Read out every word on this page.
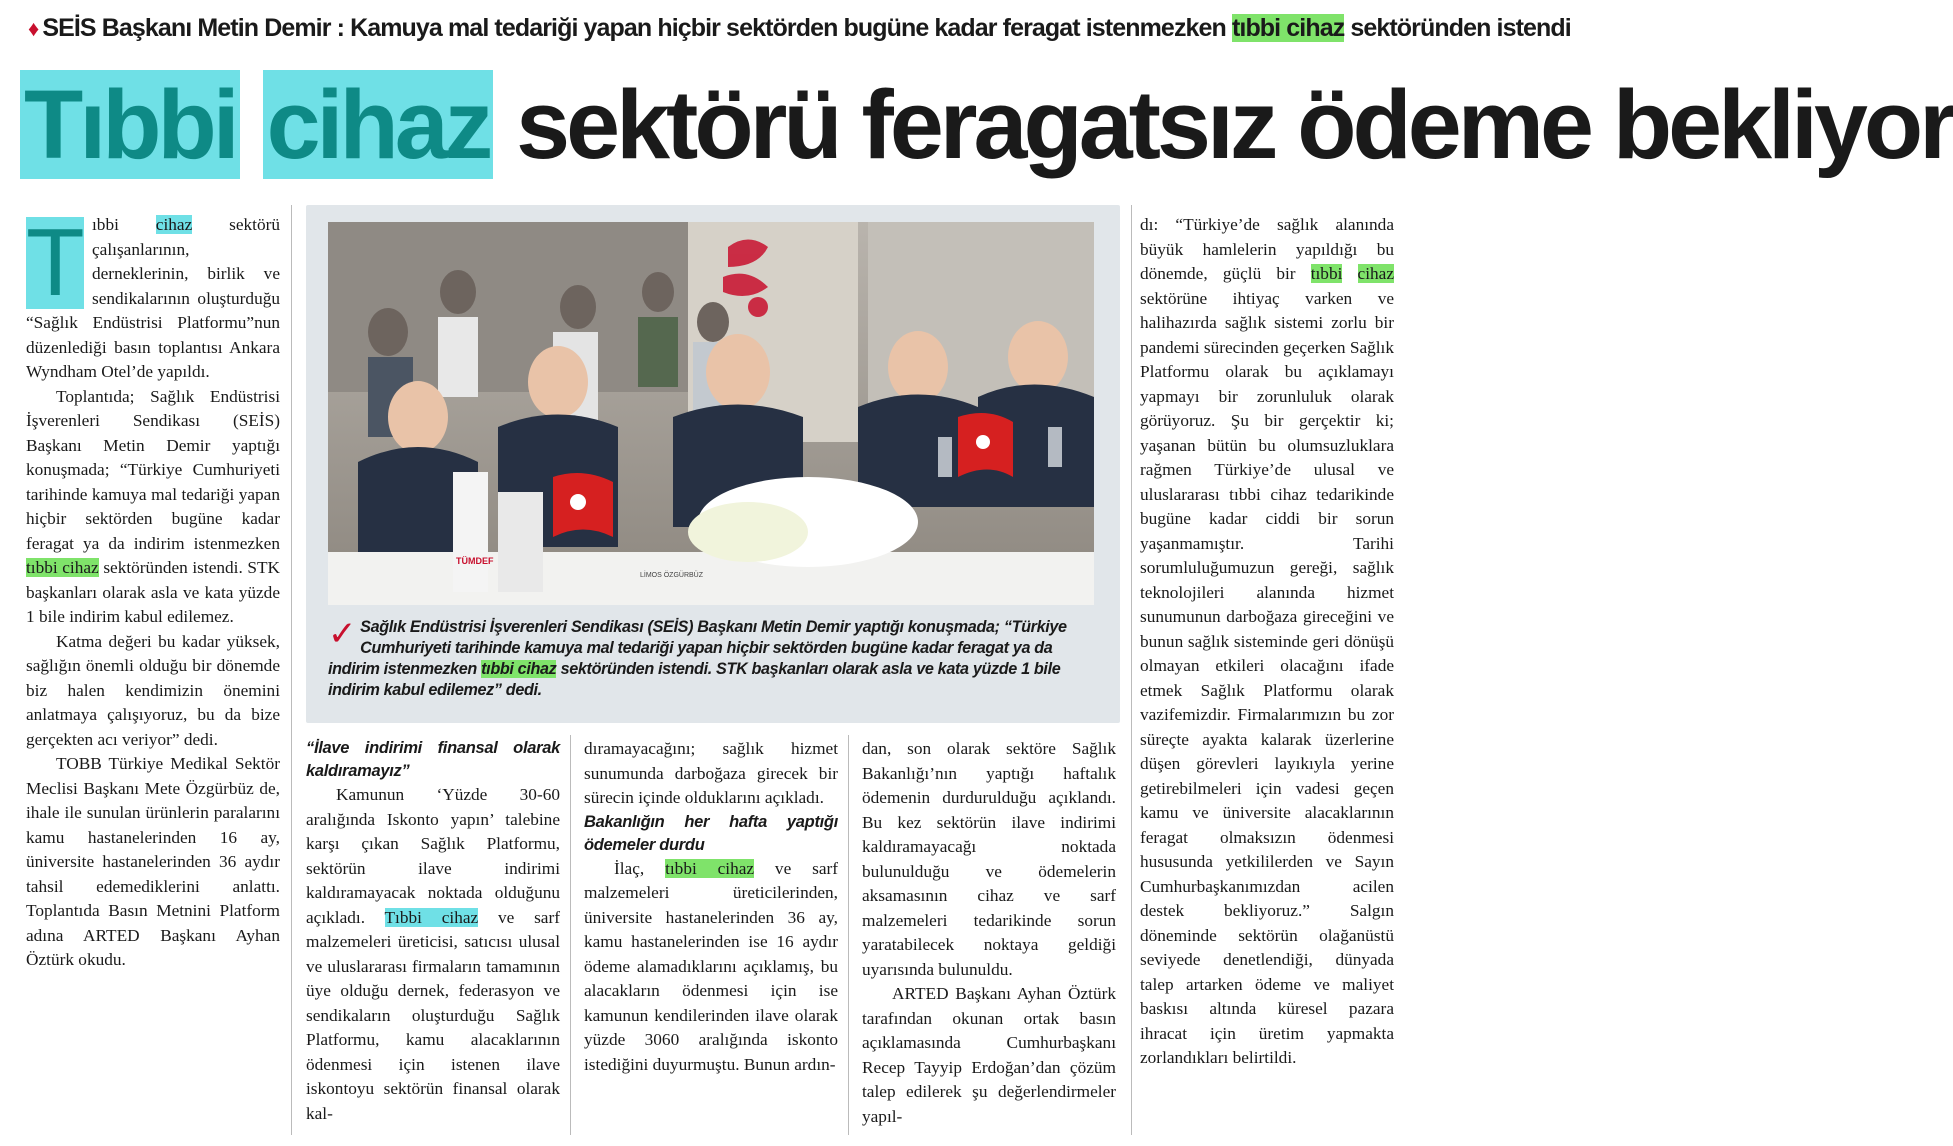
♦ SEİS Başkanı Metin Demir : Kamuya mal tedariği yapan hiçbir sektörden bugüne kadar feragat istenmezken tıbbi cihaz sektöründen istendi
Tıbbi cihaz sektörü feragatsız ödeme bekliyor

T ıbbi cihaz sektörü çalışanlarının, derneklerinin, birlik ve sendikalarının oluşturduğu “Sağlık Endüstrisi Platformu”nun düzenlediği basın toplantısı Ankara Wyndham Otel’de yapıldı.

Toplantıda; Sağlık Endüstrisi İşverenleri Sendikası (SEİS) Başkanı Metin Demir yaptığı konuşmada; “Türkiye Cumhuriyeti tarihinde kamuya mal tedariği yapan hiçbir sektörden bugüne kadar feragat ya da indirim istenmezken tıbbi cihaz sektöründen istendi. STK başkanları olarak asla ve kata yüzde 1 bile indirim kabul edilemez.

Katma değeri bu kadar yüksek, sağlığın önemli olduğu bir dönemde biz halen kendimizin önemini anlatmaya çalışıyoruz, bu da bize gerçekten acı veriyor” dedi.

TOBB Türkiye Medikal Sektör Meclisi Başkanı Mete Özgürbüz de, ihale ile sunulan ürünlerin paralarını kamu hastanelerinden 16 ay, üniversite hastanelerinden 36 aydır tahsil edemediklerini anlattı. Toplantıda Basın Metnini Platform adına ARTED Başkanı Ayhan Öztürk okudu.

TÜMDEF
LİMOS ÖZGÜRBÜZ
✓ Sağlık Endüstrisi İşverenleri Sendikası (SEİS) Başkanı Metin Demir yaptığı konuşmada; “Türkiye Cumhuriyeti tarihinde kamuya mal tedariği yapan hiçbir sektörden bugüne kadar feragat ya da indirim istenmezken tıbbi cihaz sektöründen istendi. STK başkanları olarak asla ve kata yüzde 1 bile indirim kabul edilemez” dedi.
“İlave indirimi finansal olarak kaldıramayız”

Kamunun ‘Yüzde 30-60 aralığında Iskonto yapın’ talebine karşı çıkan Sağlık Platformu, sektörün ilave indirimi kaldıramayacak noktada olduğunu açıkladı. Tıbbi cihaz ve sarf malzemeleri üreticisi, satıcısı ulusal ve uluslararası firmaların tamamının üye olduğu dernek, federasyon ve sendikaların oluşturduğu Sağlık Platformu, kamu alacaklarının ödenmesi için istenen ilave iskontoyu sektörün finansal olarak kal-

dıramayacağını; sağlık hizmet sunumunda darboğaza girecek bir sürecin içinde olduklarını açıkladı.

Bakanlığın her hafta yaptığı ödemeler durdu

İlaç, tıbbi cihaz ve sarf malzemeleri üreticilerinden, üniversite hastanelerinden 36 ay, kamu hastanelerinden ise 16 aydır ödeme alamadıklarını açıklamış, bu alacakların ödenmesi için ise kamunun kendilerinden ilave olarak yüzde 3060 aralığında iskonto istediğini duyurmuştu. Bunun ardın-

dan, son olarak sektöre Sağlık Bakanlığı’nın yaptığı haftalık ödemenin durdurulduğu açıklandı. Bu kez sektörün ilave indirimi kaldıramayacağı noktada bulunulduğu ve ödemelerin aksamasının cihaz ve sarf malzemeleri tedarikinde sorun yaratabilecek noktaya geldiği uyarısında bulunuldu.

ARTED Başkanı Ayhan Öztürk tarafından okunan ortak basın açıklamasında Cumhurbaşkanı Recep Tayyip Erdoğan’dan çözüm talep edilerek şu değerlendirmeler yapıl-

dı: “Türkiye’de sağlık alanında büyük hamlelerin yapıldığı bu dönemde, güçlü bir tıbbi cihaz sektörüne ihtiyaç varken ve halihazırda sağlık sistemi zorlu bir pandemi sürecinden geçerken Sağlık Platformu olarak bu açıklamayı yapmayı bir zorunluluk olarak görüyoruz. Şu bir gerçektir ki; yaşanan bütün bu olumsuzluklara rağmen Türkiye’de ulusal ve uluslararası tıbbi cihaz tedarikinde bugüne kadar ciddi bir sorun yaşanmamıştır. Tarihi sorumluluğumuzun gereği, sağlık teknolojileri alanında hizmet sunumunun darboğaza gireceğini ve bunun sağlık sisteminde geri dönüşü olmayan etkileri olacağını ifade etmek Sağlık Platformu olarak vazifemizdir. Firmalarımızın bu zor süreçte ayakta kalarak üzerlerine düşen görevleri layıkıyla yerine getirebilmeleri için vadesi geçen kamu ve üniversite alacaklarının feragat olmaksızın ödenmesi hususunda yetkililerden ve Sayın Cumhurbaşkanımızdan acilen destek bekliyoruz.” Salgın döneminde sektörün olağanüstü seviyede denetlendiği, dünyada talep artarken ödeme ve maliyet baskısı altında küresel pazara ihracat için üretim yapmakta zorlandıkları belirtildi.
